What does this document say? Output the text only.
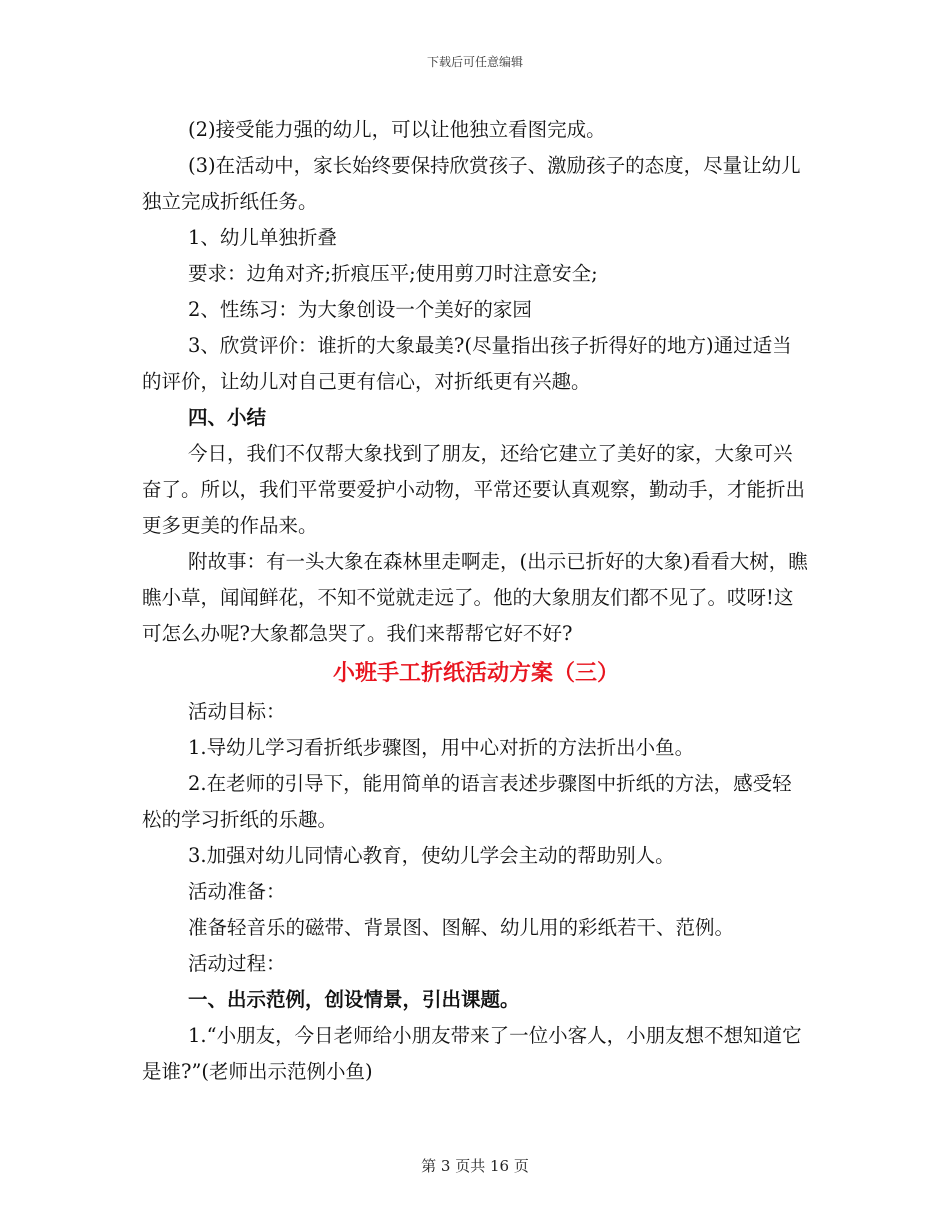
下载后可任意编辑

(2)接受能力强的幼儿，可以让他独立看图完成。

(3)在活动中，家长始终要保持欣赏孩子、激励孩子的态度，尽量让幼儿独立完成折纸任务。

1、幼儿单独折叠

要求：边角对齐;折痕压平;使用剪刀时注意安全;

2、性练习：为大象创设一个美好的家园

3、欣赏评价：谁折的大象最美?(尽量指出孩子折得好的地方)通过适当的评价，让幼儿对自己更有信心，对折纸更有兴趣。

四、小结

今日，我们不仅帮大象找到了朋友，还给它建立了美好的家，大象可兴奋了。所以，我们平常要爱护小动物，平常还要认真观察，勤动手，才能折出更多更美的作品来。

附故事：有一头大象在森林里走啊走，(出示已折好的大象)看看大树，瞧瞧小草，闻闻鲜花，不知不觉就走远了。他的大象朋友们都不见了。哎呀!这可怎么办呢?大象都急哭了。我们来帮帮它好不好?

小班手工折纸活动方案（三）

活动目标：

1.导幼儿学习看折纸步骤图，用中心对折的方法折出小鱼。

2.在老师的引导下，能用简单的语言表述步骤图中折纸的方法，感受轻松的学习折纸的乐趣。

3.加强对幼儿同情心教育，使幼儿学会主动的帮助别人。

活动准备：

准备轻音乐的磁带、背景图、图解、幼儿用的彩纸若干、范例。

活动过程：

一、出示范例，创设情景，引出课题。

1.“小朋友，今日老师给小朋友带来了一位小客人，小朋友想不想知道它是谁?”(老师出示范例小鱼)

第 3 页共 16 页
